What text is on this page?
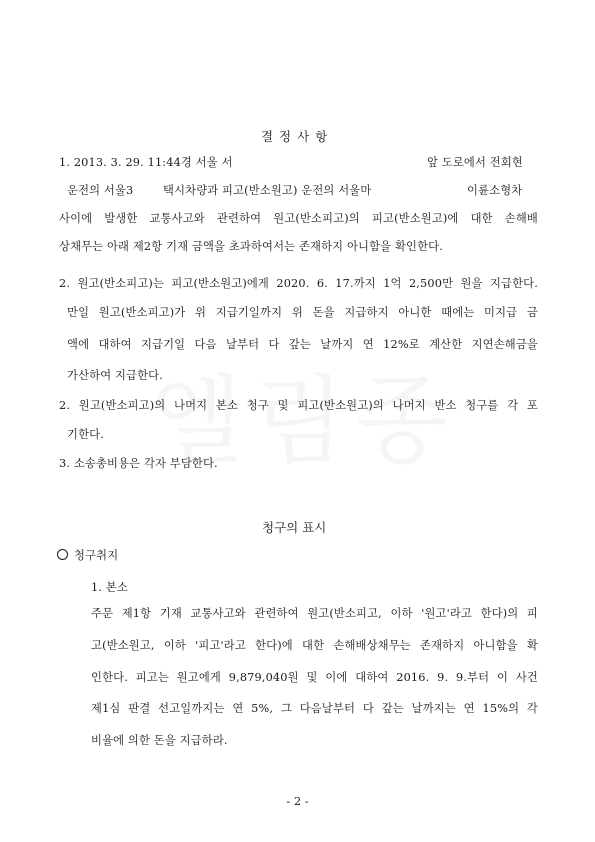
결 정 사 항
1. 2013. 3. 29. 11:44경 서울 서	앞 도로에서 전회현
운전의 서울3	택시차량과 피고(반소원고) 운전의 서울마	이륜소형차
사이에 발생한 교통사고와 관련하여 원고(반소피고)의 피고(반소원고)에 대한 손해배
상채무는 아래 제2항 기재 금액을 초과하여서는 존재하지 아니함을 확인한다.
2. 원고(반소피고)는 피고(반소원고)에게 2020. 6. 17.까지 1억 2,500만 원을 지급한다.
만일 원고(반소피고)가 위 지급기일까지 위 돈을 지급하지 아니한 때에는 미지급 금
액에 대하여 지급기일 다음 날부터 다 갚는 날까지 연 12%로 계산한 지연손해금을
가산하여 지급한다.
2. 원고(반소피고)의 나머지 본소 청구 및 피고(반소원고)의 나머지 반소 청구를 각 포
기한다.
3. 소송총비용은 각자 부담한다.
청구의 표시
청구취지
1. 본소
주문 제1항 기재 교통사고와 관련하여 원고(반소피고, 이하 '원고'라고 한다)의 피
고(반소원고, 이하 '피고'라고 한다)에 대한 손해배상채무는 존재하지 아니함을 확
인한다. 피고는 원고에게 9,879,040원 및 이에 대하여 2016. 9. 9.부터 이 사건
제1심 판결 선고일까지는 연 5%, 그 다음날부터 다 갚는 날까지는 연 15%의 각
비율에 의한 돈을 지급하라.
- 2 -
